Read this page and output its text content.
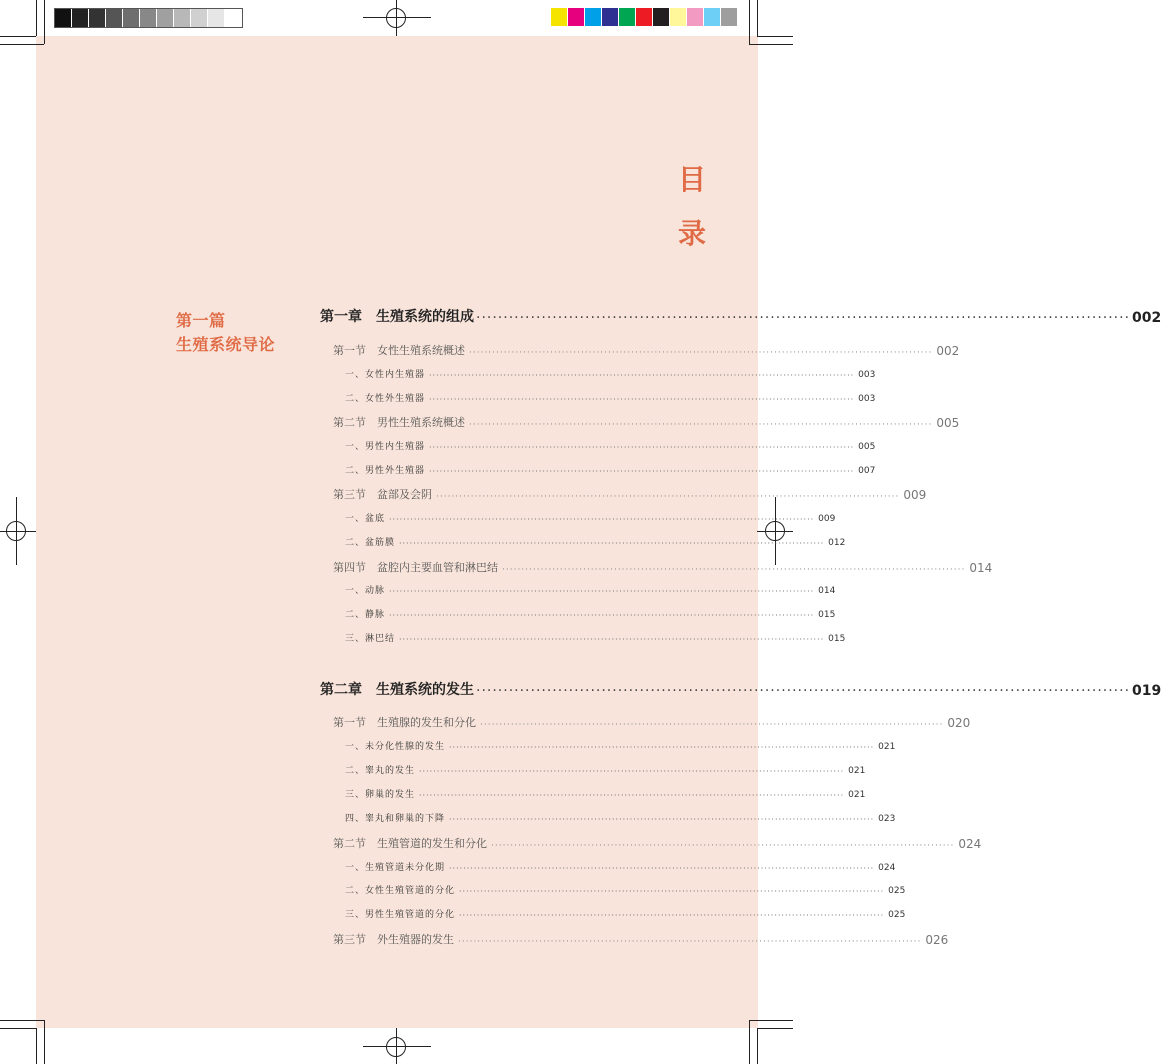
目
录
第一篇
生殖系统导论
第一章　生殖系统的组成 ························································································································ 002
第一节　女性生殖系统概述 ························································································································ 002
一、女性内生殖器 ························································································································ 003
二、女性外生殖器 ························································································································ 003
第二节　男性生殖系统概述 ························································································································ 005
一、男性内生殖器 ························································································································ 005
二、男性外生殖器 ························································································································ 007
第三节　盆部及会阴 ························································································································ 009
一、盆底 ························································································································ 009
二、盆筋膜 ························································································································ 012
第四节　盆腔内主要血管和淋巴结 ························································································································ 014
一、动脉 ························································································································ 014
二、静脉 ························································································································ 015
三、淋巴结 ························································································································ 015
第二章　生殖系统的发生 ························································································································ 019
第一节　生殖腺的发生和分化 ························································································································ 020
一、未分化性腺的发生 ························································································································ 021
二、睾丸的发生 ························································································································ 021
三、卵巢的发生 ························································································································ 021
四、睾丸和卵巢的下降 ························································································································ 023
第二节　生殖管道的发生和分化 ························································································································ 024
一、生殖管道未分化期 ························································································································ 024
二、女性生殖管道的分化 ························································································································ 025
三、男性生殖管道的分化 ························································································································ 025
第三节　外生殖器的发生 ························································································································ 026
